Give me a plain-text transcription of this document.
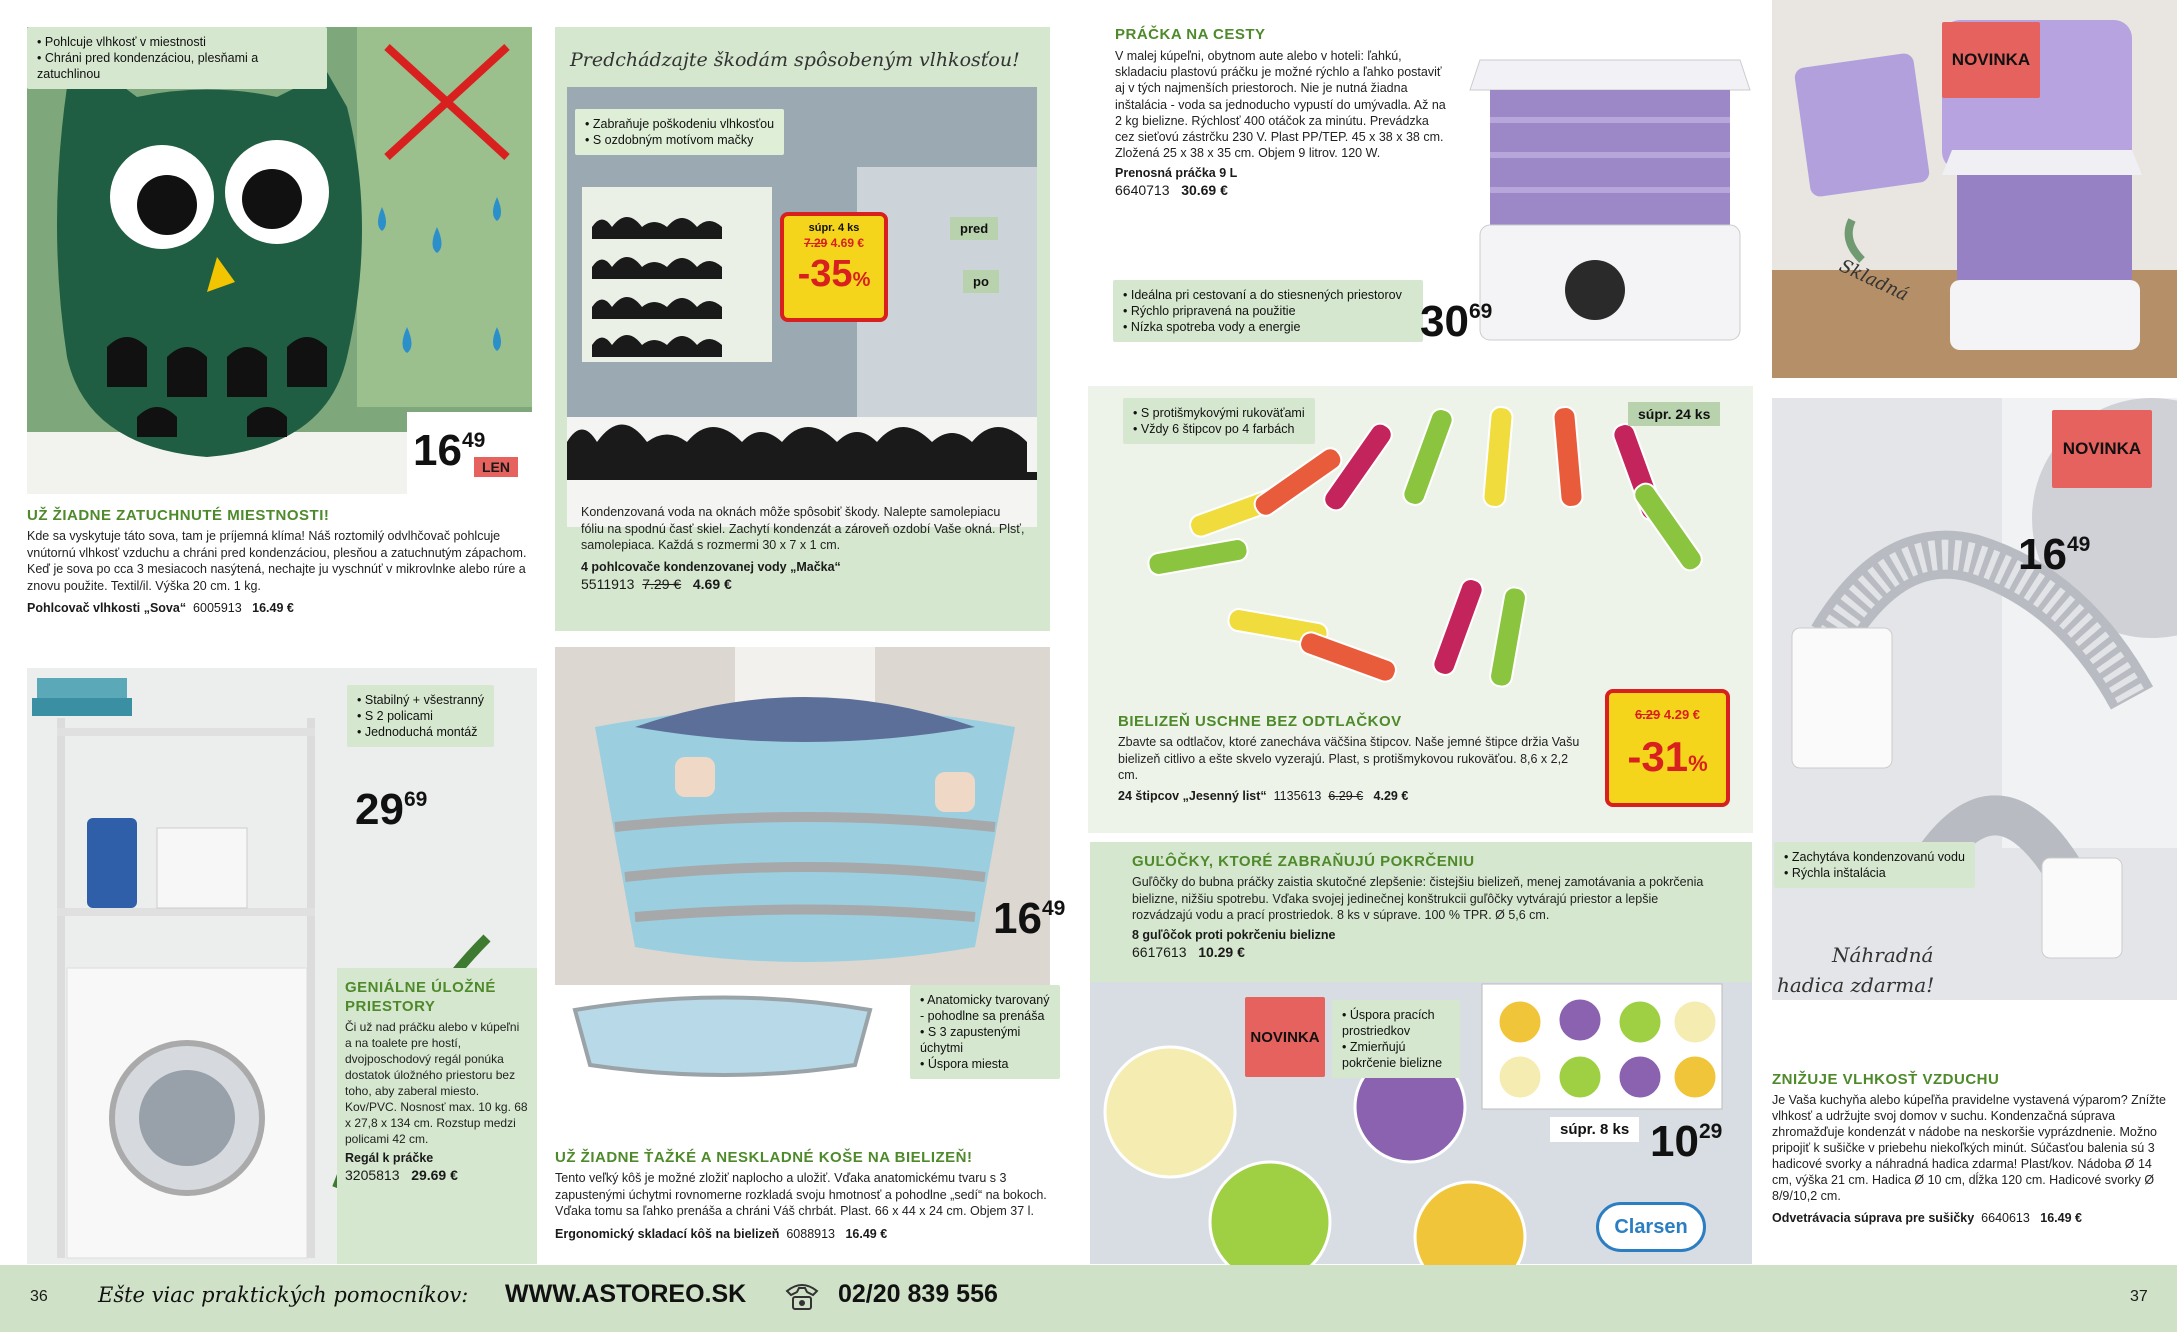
• Pohlcuje vlhkosť v miestnosti
• Chráni pred kondenzáciou, plesňami a zatuchlinou
$16^{49}$
LEN
UŽ ŽIADNE ZATUCHNUTÉ MIESTNOSTI!
Kde sa vyskytuje táto sova, tam je príjemná klíma! Náš roztomilý odvlhčovač pohlcuje vnútornú vlhkosť vzduchu a chráni pred kondenzáciou, plesňou a zatuchnutým zápachom. Keď je sova po cca 3 mesiacoch nasýtená, nechajte ju vyschnúť v mikrovlnke alebo rúre a znovu použite. Textil/il. Výška 20 cm. 1 kg.
Pohlcovač vlhkosti „Sova“ 6005913 16.49 €
Predchádzajte škodám spôsobeným vlhkosťou!
• Zabraňuje poškodeniu vlhkosťou
• S ozdobným motívom mačky
súpr. 4 ks
7.29 4.69 €
-35%
pred
po
Kondenzovaná voda na oknách môže spôsobiť škody. Nalepte samolepiacu fóliu na spodnú časť skiel. Zachytí kondenzát a zároveň ozdobí Vaše okná. Plsť, samolepiaca. Každá s rozmermi 30 x 7 x 1 cm.
4 pohlcovače kondenzovanej vody „Mačka“
5511913 7.29 € 4.69 €
PRÁČKA NA CESTY
V malej kúpeľni, obytnom aute alebo v hoteli: ľahkú, skladaciu plastovú práčku je možné rýchlo a ľahko postaviť aj v tých najmenších priestoroch. Nie je nutná žiadna inštalácia - voda sa jednoducho vypustí do umývadla. Až na 2 kg bielizne. Rýchlosť 400 otáčok za minútu. Prevádzka cez sieťovú zástrčku 230 V. Plast PP/TEP. 45 x 38 x 38 cm. Zložená 25 x 38 x 35 cm. Objem 9 litrov. 120 W.
Prenosná práčka 9 L
6640713 30.69 €
• Ideálna pri cestovaní a do stiesnených priestorov
• Rýchlo pripravená na použitie
• Nízka spotreba vody a energie	$30^{69}$
NOVINKA
Skladná
• S protišmykovými rukoväťami
• Vždy 6 štipcov po 4 farbách
súpr. 24 ks
BIELIZEŇ USCHNE BEZ ODTLAČKOV
Zbavte sa odtlačov, ktoré zanecháva väčšina štipcov. Naše jemné štipce držia Vašu bielizeň citlivo a ešte skvelo vyzerajú. Plast, s protišmykovou rukoväťou. 8,6 x 2,2 cm.
24 štipcov „Jesenný list“ 1135613 6.29 € 4.29 €
6.29 4.29 €
-31%
NOVINKA
$16^{49}$
• Zachytáva kondenzovanú vodu
• Rýchla inštalácia
Náhradná
hadica zdarma!
ZNIŽUJE VLHKOSŤ VZDUCHU
Je Vaša kuchyňa alebo kúpeľňa pravidelne vystavená výparom? Znížte vlhkosť a udržujte svoj domov v suchu. Kondenzačná súprava zhromažďuje kondenzát v nádobe na neskoršie vyprázdnenie. Možno pripojiť k sušičke v priebehu niekoľkých minút. Súčasťou balenia sú 3 hadicové svorky a náhradná hadica zdarma! Plast/kov. Nádoba Ø 14 cm, výška 21 cm. Hadica Ø 10 cm, dĺžka 120 cm. Hadicové svorky Ø 8/9/10,2 cm.
Odvetrávacia súprava pre sušičky 6640613 16.49 €
• Stabilný + všestranný
• S 2 policami
• Jednoduchá montáž
$29^{69}$
GENIÁLNE ÚLOŽNÉ PRIESTORY
Či už nad práčku alebo v kúpeľni a na toalete pre hostí, dvojposchodový regál ponúka dostatok úložného priestoru bez toho, aby zaberal miesto. Kov/PVC. Nosnosť max. 10 kg. 68 x 27,8 x 134 cm. Rozstup medzi policami 42 cm.
Regál k práčke
3205813 29.69 €
$16^{49}$
• Anatomicky tvarovaný - pohodlne sa prenáša
• S 3 zapustenými úchytmi
• Úspora miesta
UŽ ŽIADNE ŤAŽKÉ A NESKLADNÉ KOŠE NA BIELIZEŇ!
Tento veľký kôš je možné zložiť naplocho a uložiť. Vďaka anatomickému tvaru s 3 zapustenými úchytmi rovnomerne rozkladá svoju hmotnosť a pohodlne „sedí“ na bokoch. Vďaka tomu sa ľahko prenáša a chráni Váš chrbát. Plast. 66 x 44 x 24 cm. Objem 37 l.
Ergonomický skladací kôš na bielizeň 6088913 16.49 €
GUĽÔČKY, KTORÉ ZABRAŇUJÚ POKRČENIU
Guľôčky do bubna práčky zaistia skutočné zlepšenie: čistejšiu bielizeň, menej zamotávania a pokrčenia bielizne, nižšiu spotrebu. Vďaka svojej jedinečnej konštrukcii guľôčky vytvárajú priestor a lepšie rozvádzajú vodu a prací prostriedok. 8 ks v súprave. 100 % TPR. Ø 5,6 cm.
8 guľôčok proti pokrčeniu bielizne
6617613 10.29 €
NOVINKA
• Úspora pracích prostriedkov
• Zmierňujú pokrčenie bielizne
súpr. 8 ks $10^{29}$
Clarsen
36 Ešte viac praktických pomocníkov: WWW.ASTOREO.SK	02/20 839 556	37
